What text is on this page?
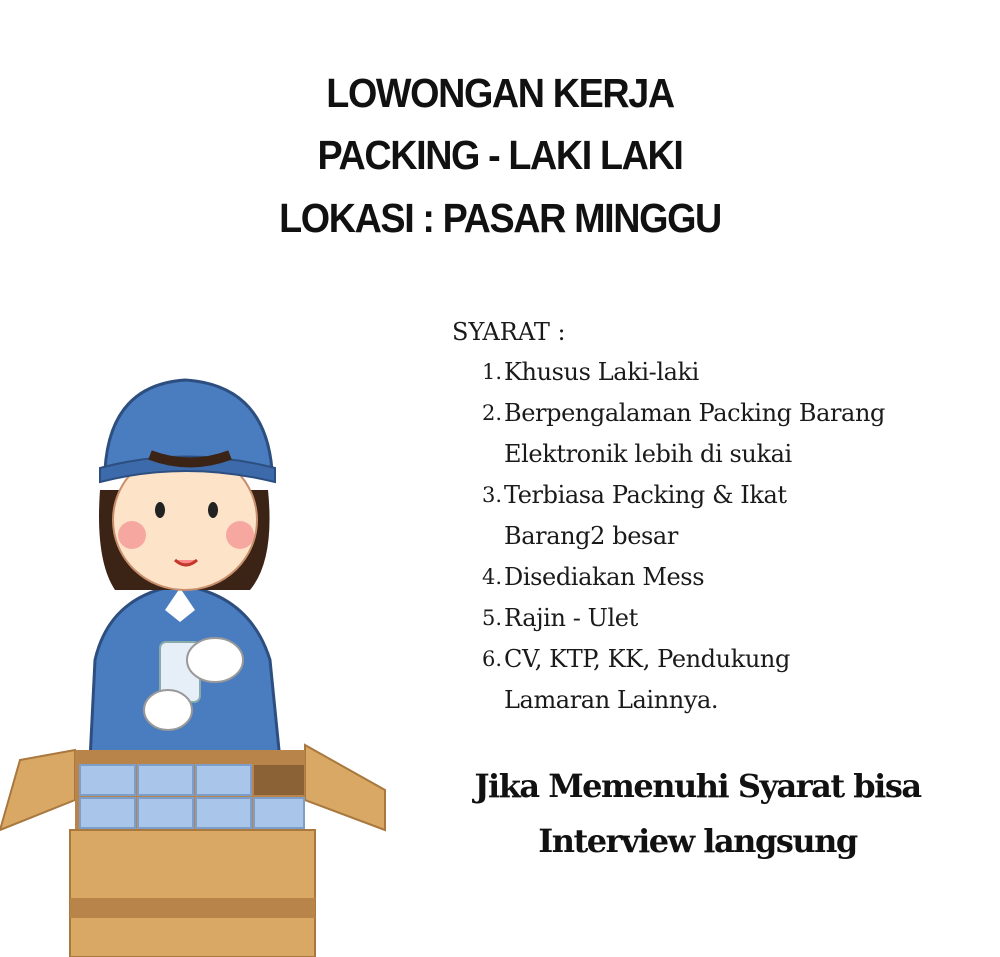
LOWONGAN KERJA
PACKING - LAKI LAKI
LOKASI : PASAR MINGGU
SYARAT :
1. Khusus Laki-laki
2. Berpengalaman Packing Barang
Elektronik lebih di sukai
3. Terbiasa Packing & Ikat
Barang2 besar
4. Disediakan Mess
5. Rajin - Ulet
6. CV, KTP, KK, Pendukung
Lamaran Lainnya.
Jika Memenuhi Syarat bisa
Interview langsung
